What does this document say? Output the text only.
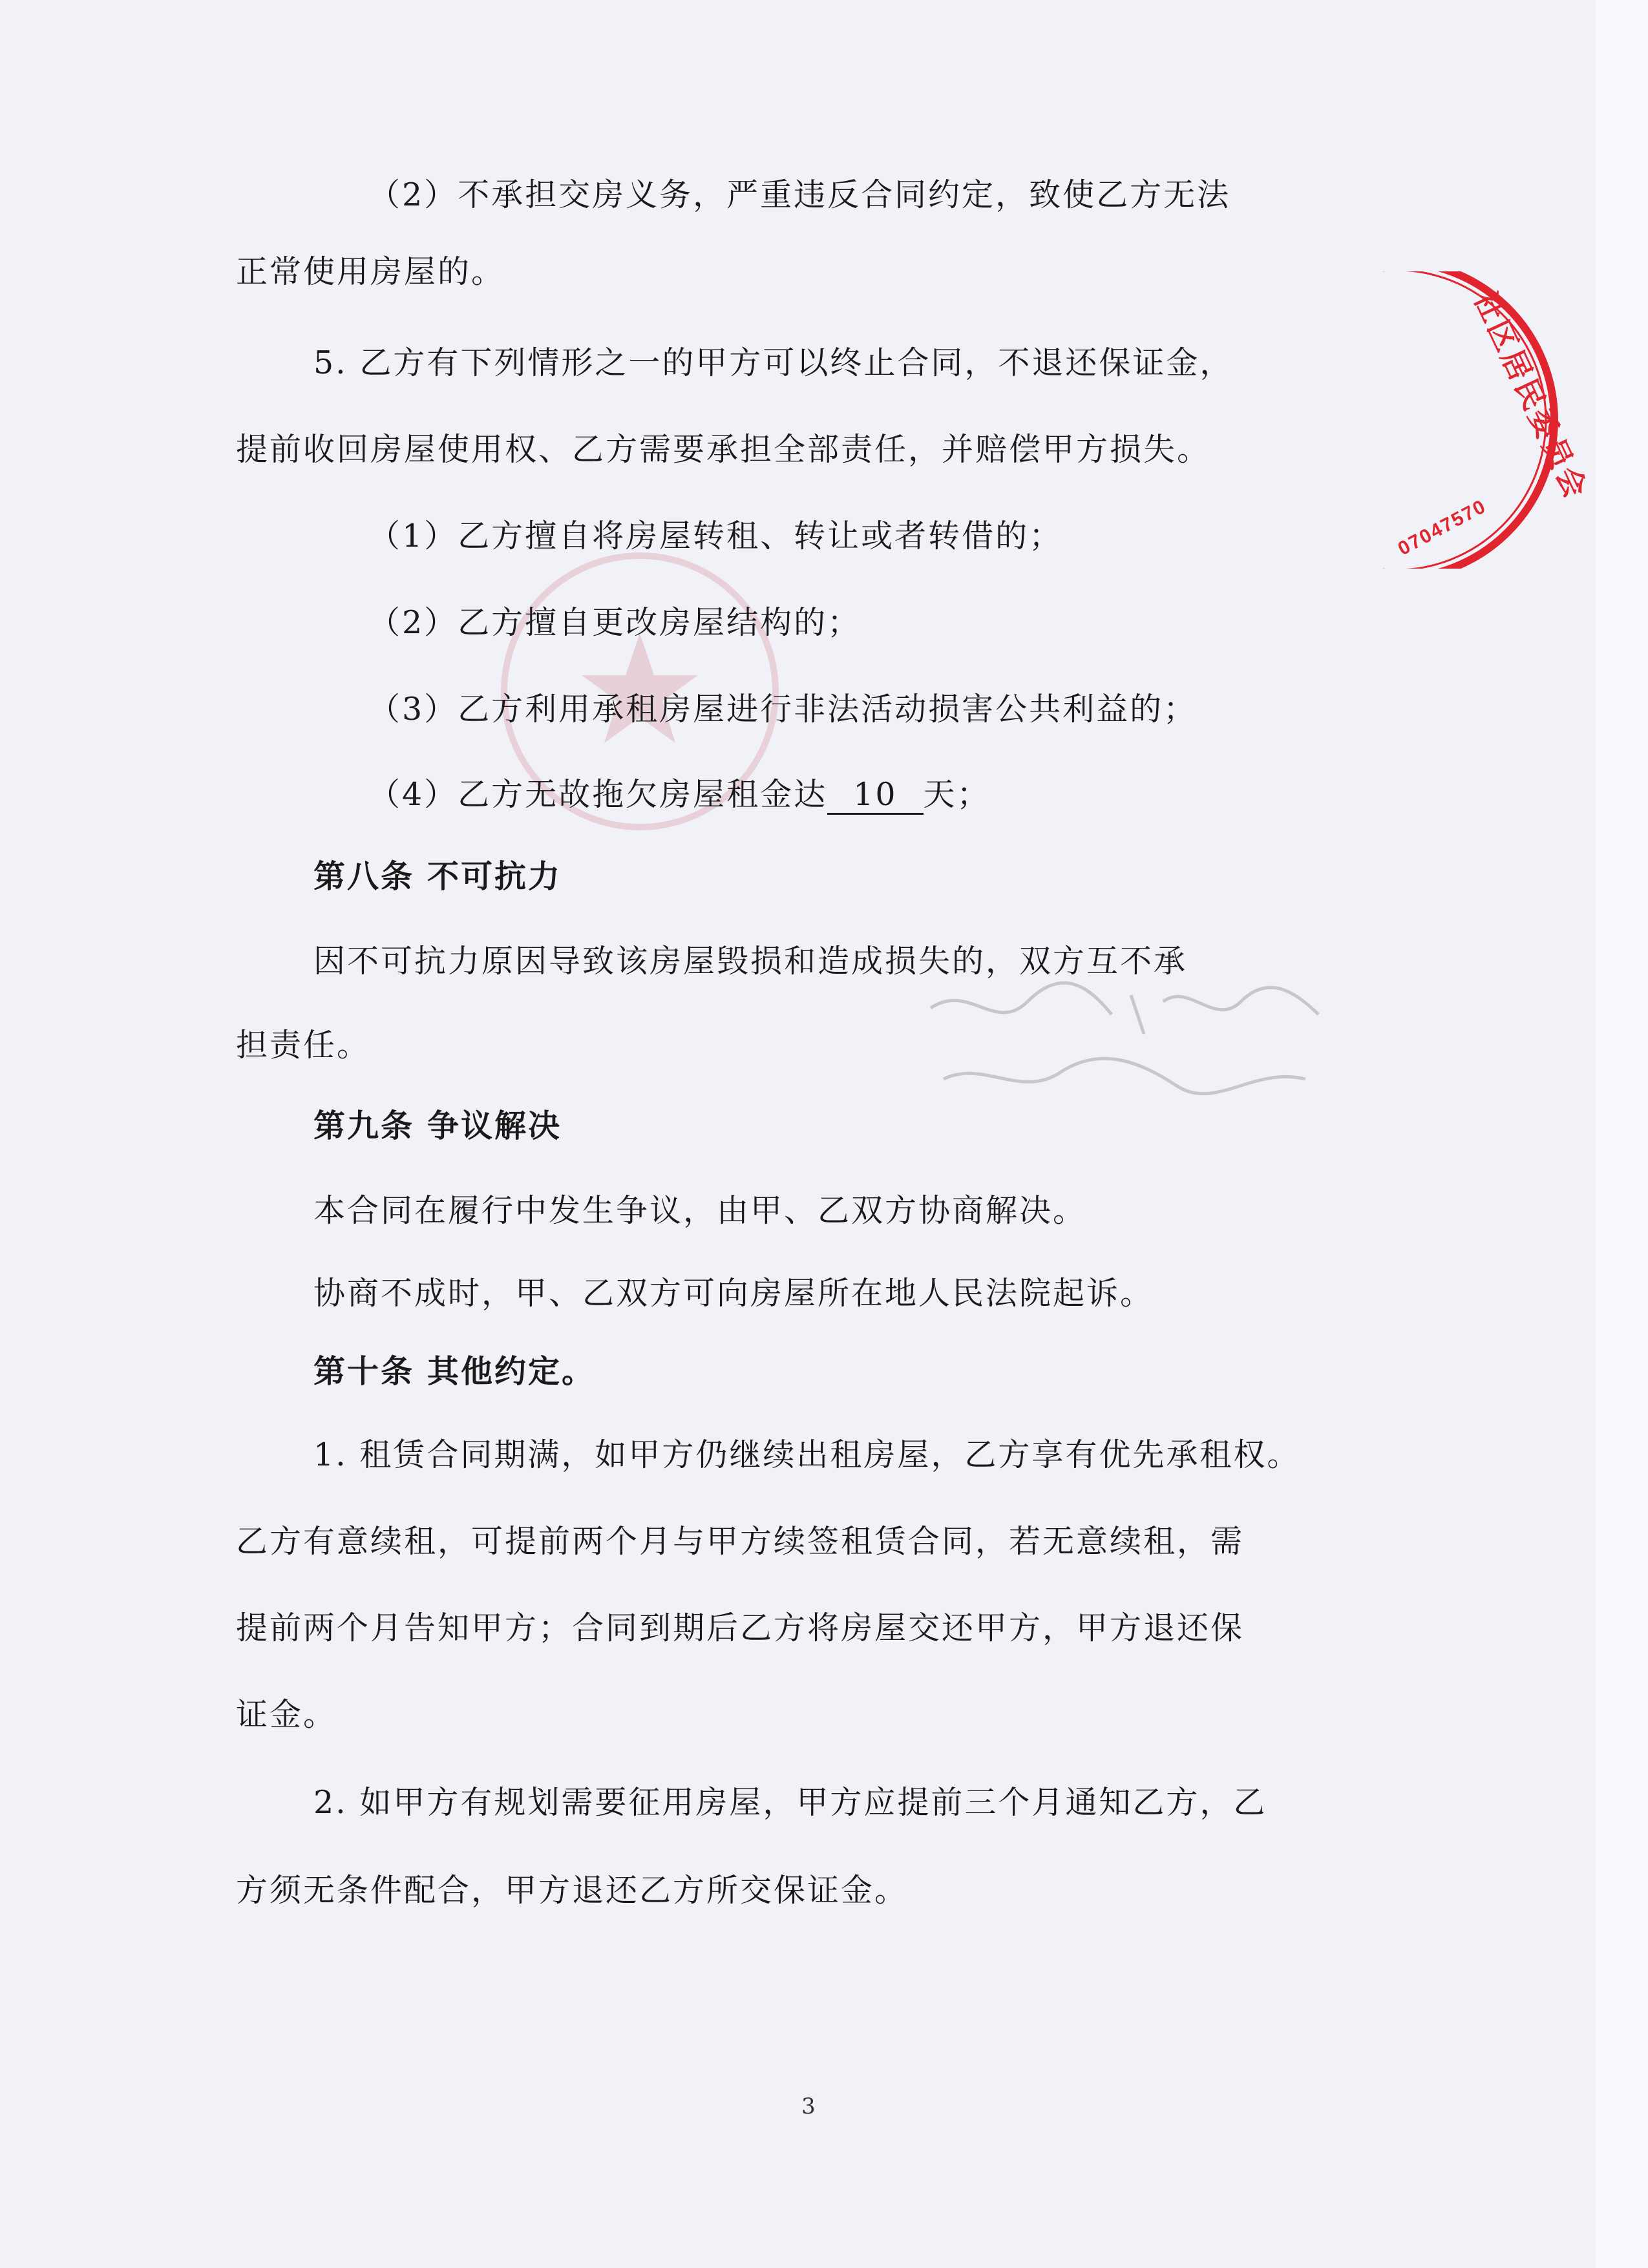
（2）不承担交房义务，严重违反合同约定，致使乙方无法
正常使用房屋的。
5. 乙方有下列情形之一的甲方可以终止合同，不退还保证金，
提前收回房屋使用权、乙方需要承担全部责任，并赔偿甲方损失。
（1）乙方擅自将房屋转租、转让或者转借的；
（2）乙方擅自更改房屋结构的；
（3）乙方利用承租房屋进行非法活动损害公共利益的；
（4）乙方无故拖欠房屋租金达 10 天；
第八条 不可抗力
因不可抗力原因导致该房屋毁损和造成损失的，双方互不承
担责任。
第九条 争议解决
本合同在履行中发生争议，由甲、乙双方协商解决。
协商不成时，甲、乙双方可向房屋所在地人民法院起诉。
第十条 其他约定。
1. 租赁合同期满，如甲方仍继续出租房屋，乙方享有优先承租权。
乙方有意续租，可提前两个月与甲方续签租赁合同，若无意续租，需
提前两个月告知甲方；合同到期后乙方将房屋交还甲方，甲方退还保
证金。
2. 如甲方有规划需要征用房屋，甲方应提前三个月通知乙方，乙
方须无条件配合，甲方退还乙方所交保证金。
社区居民委员会
07047570
3
